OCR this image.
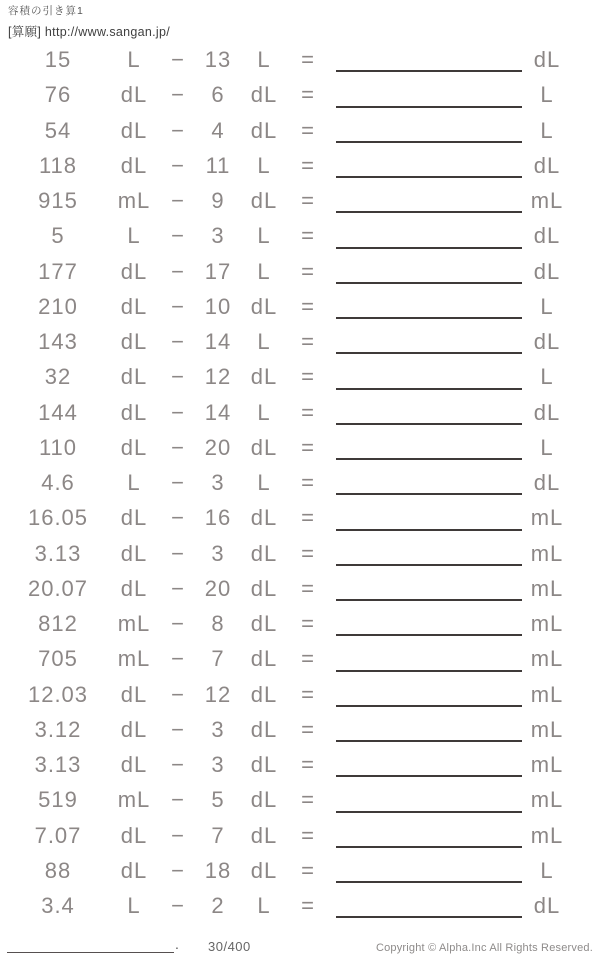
容積の引き算1
[算願] http://www.sangan.jp/
15	L	− 13	L	=	dL
76	dL	−	6	dL	=	L
54	dL	−	4	dL	=	L
118	dL	− 11	L	=	dL
915	mL −	9	dL	=	mL
5	L	−	3	L	=	dL
177	dL	− 17	L	=	dL
210	dL	− 10 dL	=	L
143	dL	− 14	L	=	dL
32	dL	− 12 dL	=	L
144	dL	− 14	L	=	dL
110	dL	− 20 dL	=	L
4.6	L	−	3	L	=	dL
16.05	dL	− 16 dL	=	mL
3.13	dL	−	3	dL	=	mL
20.07	dL	− 20 dL	=	mL
812	mL −	8	dL	=	mL
705	mL −	7	dL	=	mL
12.03	dL	− 12 dL	=	mL
3.12	dL	−	3	dL	=	mL
3.13	dL	−	3	dL	=	mL
519	mL −	5	dL	=	mL
7.07	dL	−	7	dL	=	mL
88	dL	− 18 dL	=	L
3.4	L	−	2	L	=	dL
. 30/400	Copyright © Alpha.Inc All Rights Reserved.
